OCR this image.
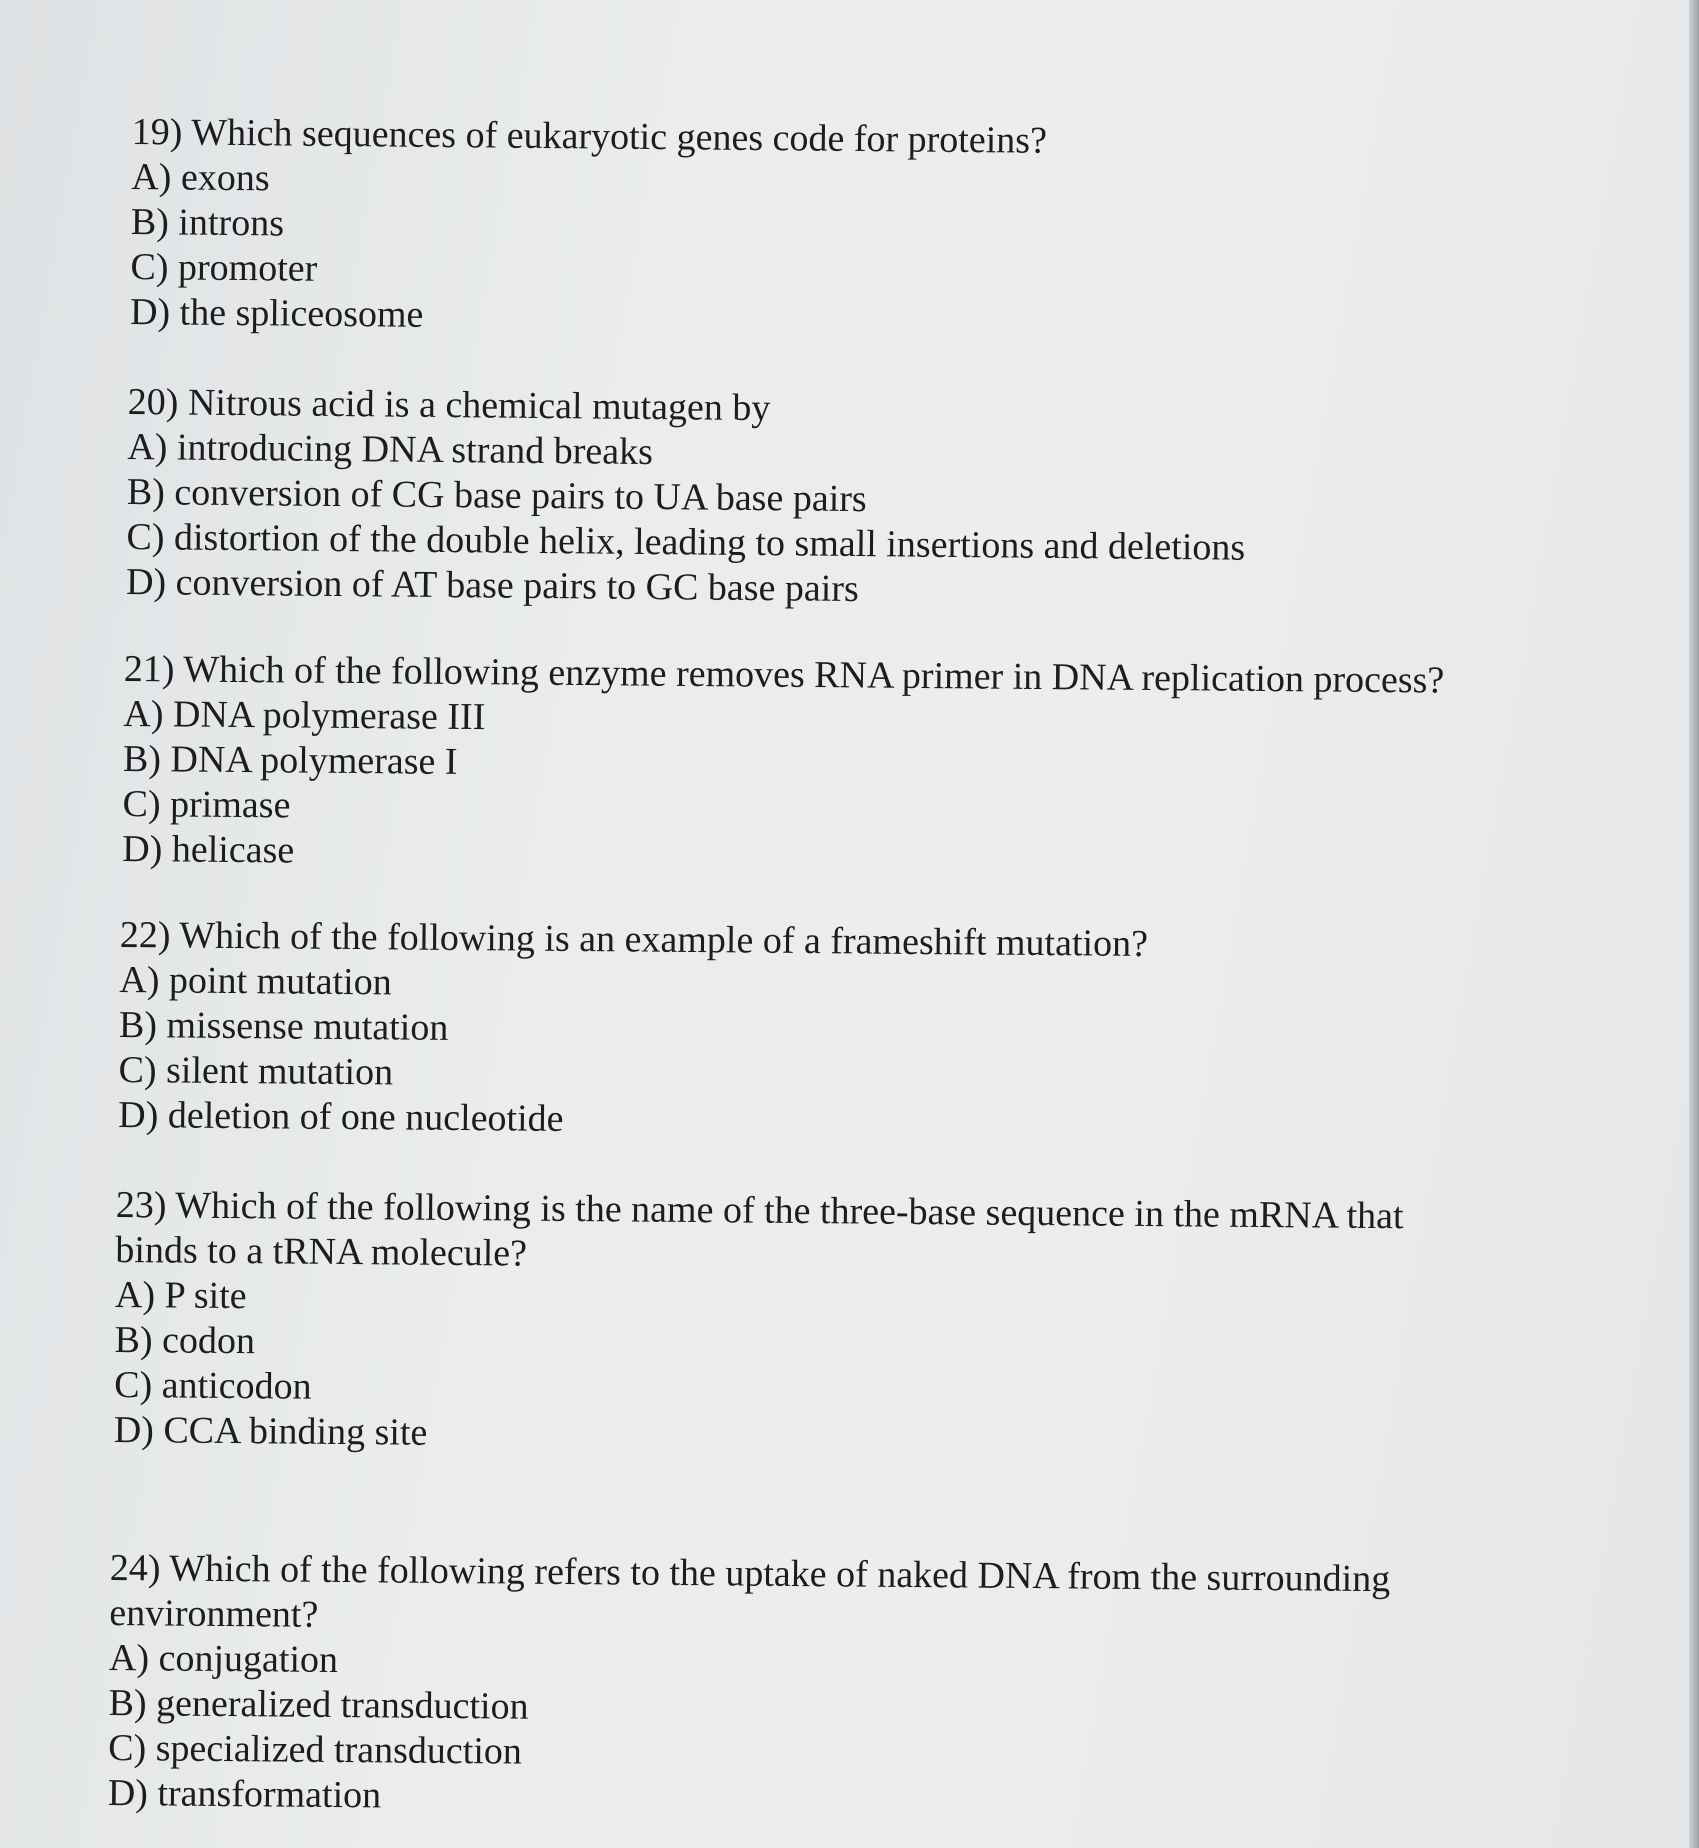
19) Which sequences of eukaryotic genes code for proteins?
A) exons
B) introns
C) promoter
D) the spliceosome
20) Nitrous acid is a chemical mutagen by
A) introducing DNA strand breaks
B) conversion of CG base pairs to UA base pairs
C) distortion of the double helix, leading to small insertions and deletions
D) conversion of AT base pairs to GC base pairs
21) Which of the following enzyme removes RNA primer in DNA replication process?
A) DNA polymerase III
B) DNA polymerase I
C) primase
D) helicase
22) Which of the following is an example of a frameshift mutation?
A) point mutation
B) missense mutation
C) silent mutation
D) deletion of one nucleotide
23) Which of the following is the name of the three-base sequence in the mRNA that
binds to a tRNA molecule?
A) P site
B) codon
C) anticodon
D) CCA binding site
24) Which of the following refers to the uptake of naked DNA from the surrounding
environment?
A) conjugation
B) generalized transduction
C) specialized transduction
D) transformation
